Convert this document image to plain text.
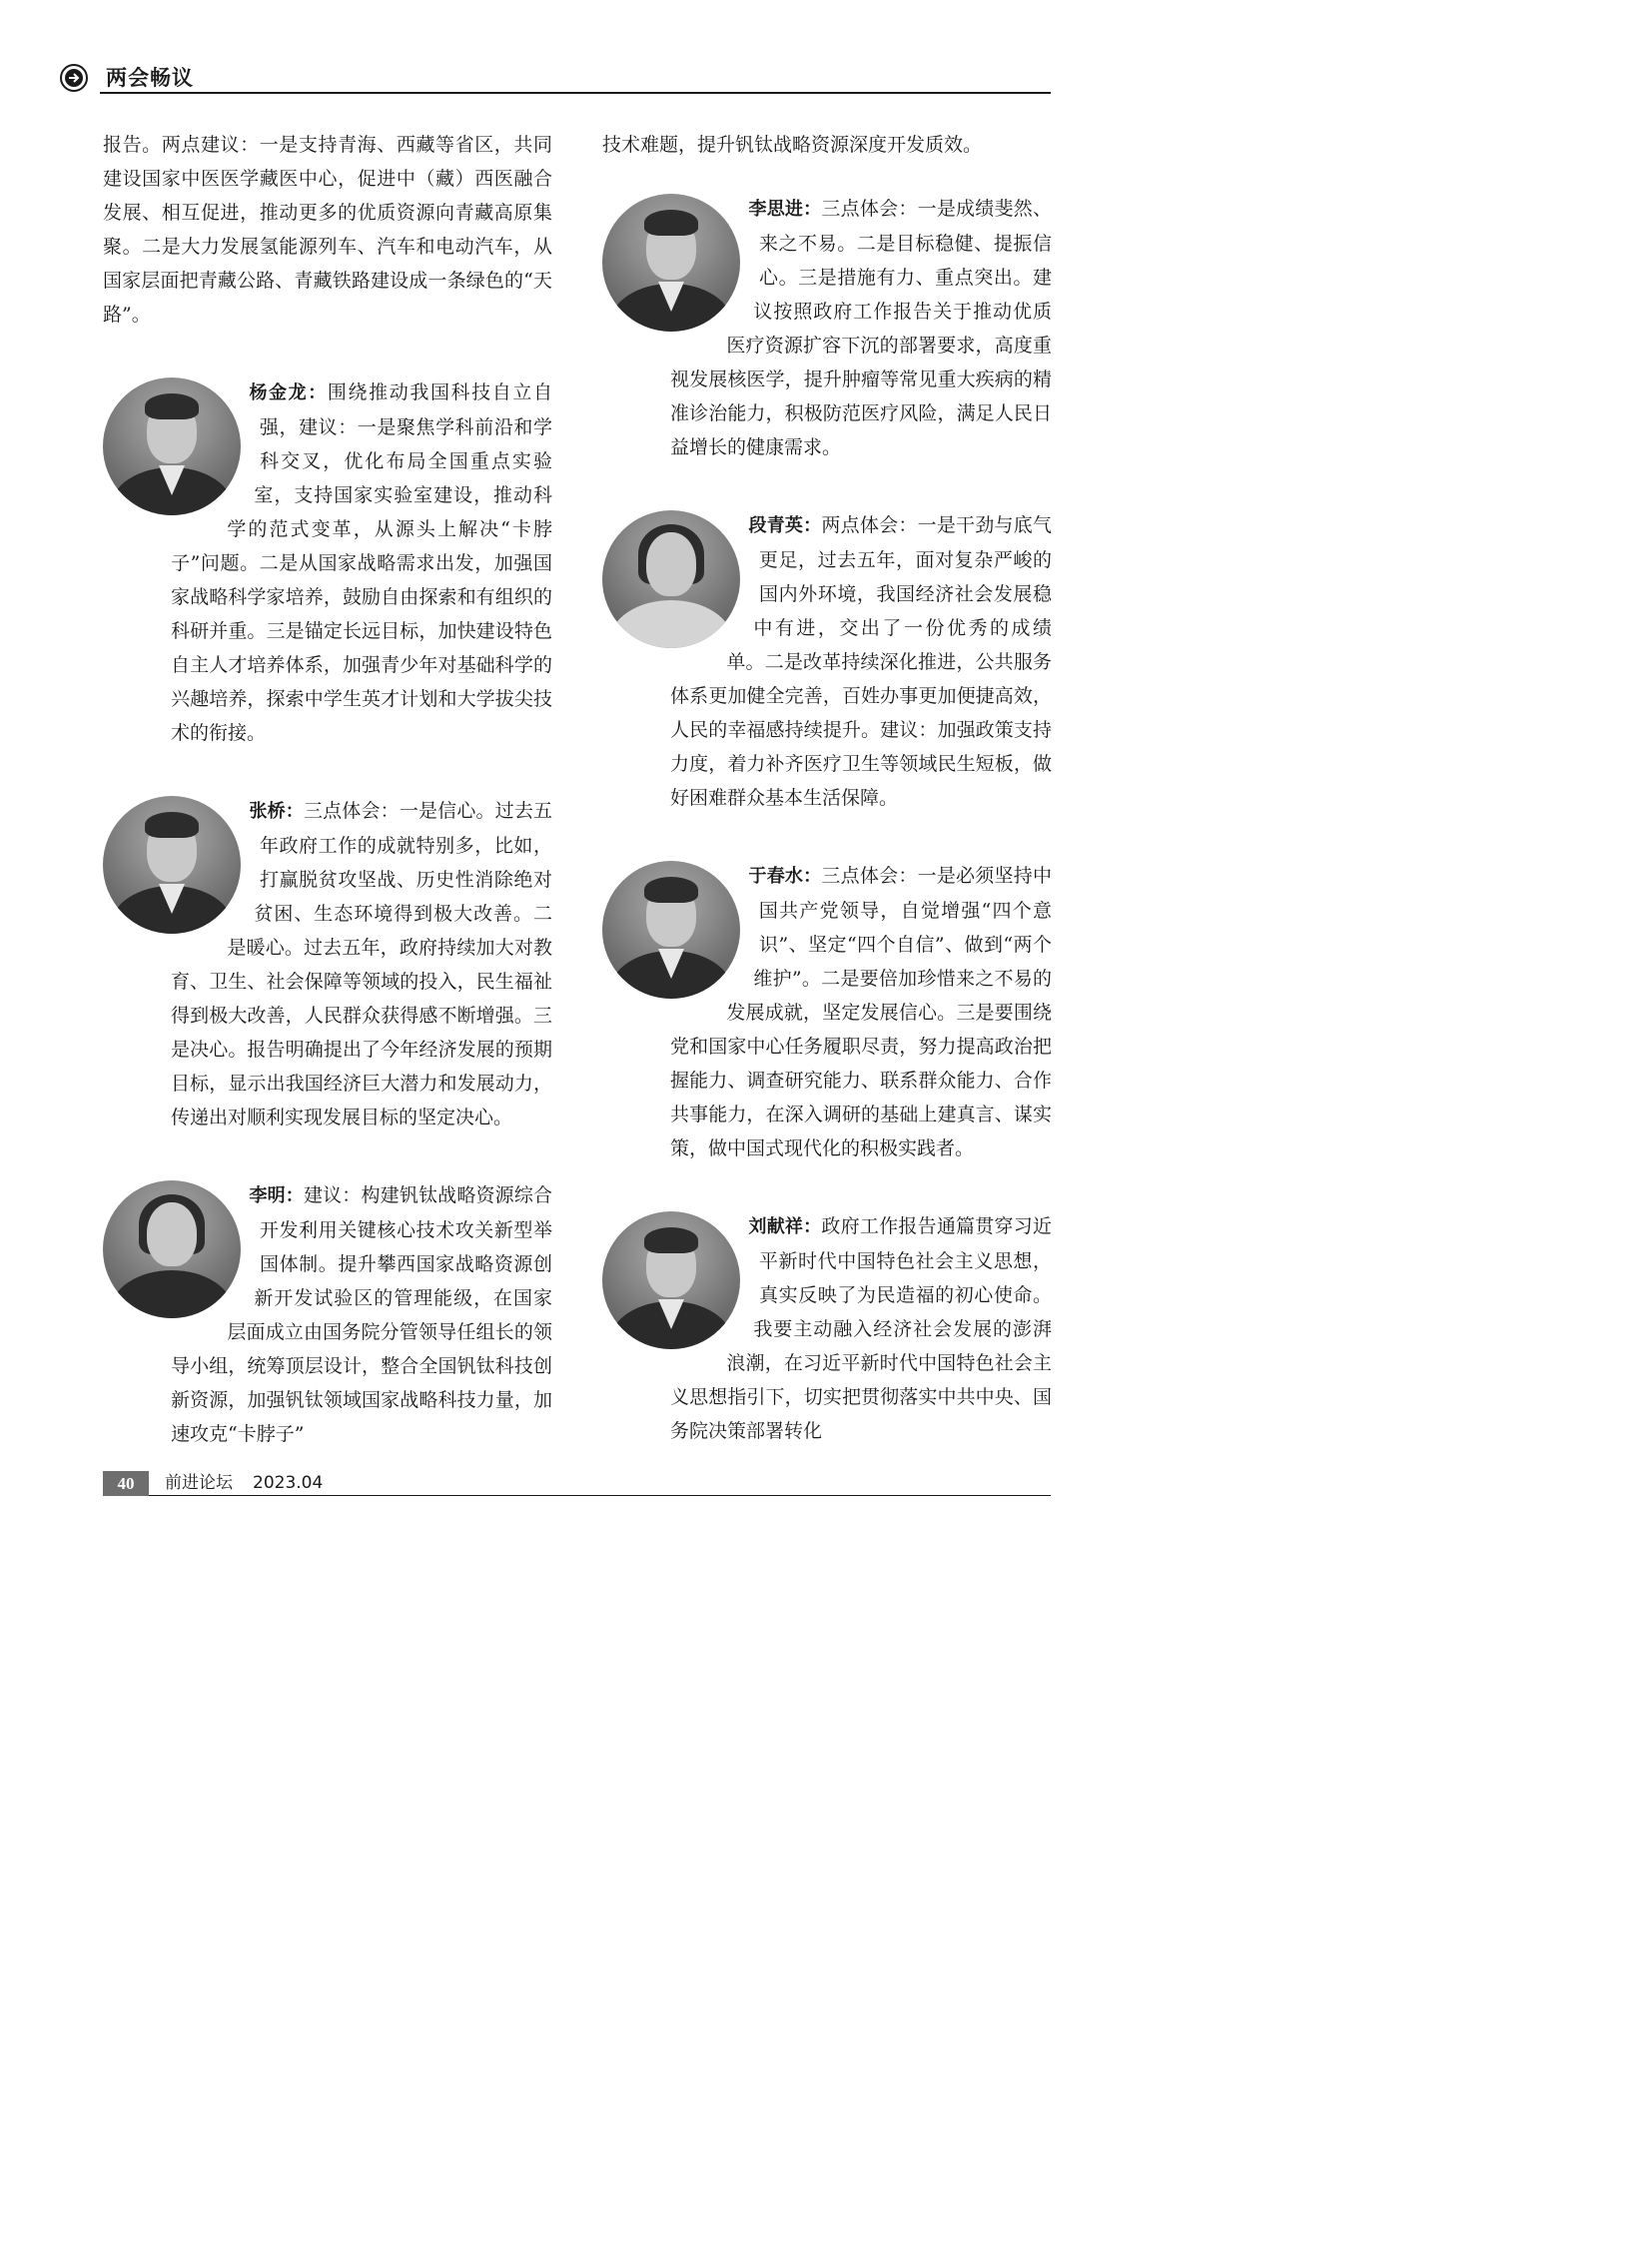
两会畅议

报告。两点建议：一是支持青海、西藏等省区，共同建设国家中医医学藏医中心，促进中（藏）西医融合发展、相互促进，推动更多的优质资源向青藏高原集聚。二是大力发展氢能源列车、汽车和电动汽车，从国家层面把青藏公路、青藏铁路建设成一条绿色的“天路”。

杨金龙：围绕推动我国科技自立自强，建议：一是聚焦学科前沿和学科交叉，优化布局全国重点实验室，支持国家实验室建设，推动科学的范式变革，从源头上解决“卡脖子”问题。二是从国家战略需求出发，加强国家战略科学家培养，鼓励自由探索和有组织的科研并重。三是锚定长远目标，加快建设特色自主人才培养体系，加强青少年对基础科学的兴趣培养，探索中学生英才计划和大学拔尖技术的衔接。

张桥：三点体会：一是信心。过去五年政府工作的成就特别多，比如，打赢脱贫攻坚战、历史性消除绝对贫困、生态环境得到极大改善。二是暖心。过去五年，政府持续加大对教育、卫生、社会保障等领域的投入，民生福祉得到极大改善，人民群众获得感不断增强。三是决心。报告明确提出了今年经济发展的预期目标，显示出我国经济巨大潜力和发展动力，传递出对顺利实现发展目标的坚定决心。

李明：建议：构建钒钛战略资源综合开发利用关键核心技术攻关新型举国体制。提升攀西国家战略资源创新开发试验区的管理能级，在国家层面成立由国务院分管领导任组长的领导小组，统筹顶层设计，整合全国钒钛科技创新资源，加强钒钛领域国家战略科技力量，加速攻克“卡脖子”

技术难题，提升钒钛战略资源深度开发质效。

李思进：三点体会：一是成绩斐然、来之不易。二是目标稳健、提振信心。三是措施有力、重点突出。建议按照政府工作报告关于推动优质医疗资源扩容下沉的部署要求，高度重视发展核医学，提升肿瘤等常见重大疾病的精准诊治能力，积极防范医疗风险，满足人民日益增长的健康需求。

段青英：两点体会：一是干劲与底气更足，过去五年，面对复杂严峻的国内外环境，我国经济社会发展稳中有进，交出了一份优秀的成绩单。二是改革持续深化推进，公共服务体系更加健全完善，百姓办事更加便捷高效，人民的幸福感持续提升。建议：加强政策支持力度，着力补齐医疗卫生等领域民生短板，做好困难群众基本生活保障。

于春水：三点体会：一是必须坚持中国共产党领导，自觉增强“四个意识”、坚定“四个自信”、做到“两个维护”。二是要倍加珍惜来之不易的发展成就，坚定发展信心。三是要围绕党和国家中心任务履职尽责，努力提高政治把握能力、调查研究能力、联系群众能力、合作共事能力，在深入调研的基础上建真言、谋实策，做中国式现代化的积极实践者。

刘献祥：政府工作报告通篇贯穿习近平新时代中国特色社会主义思想，真实反映了为民造福的初心使命。我要主动融入经济社会发展的澎湃浪潮，在习近平新时代中国特色社会主义思想指引下，切实把贯彻落实中共中央、国务院决策部署转化

40	前进论坛 2023.04
